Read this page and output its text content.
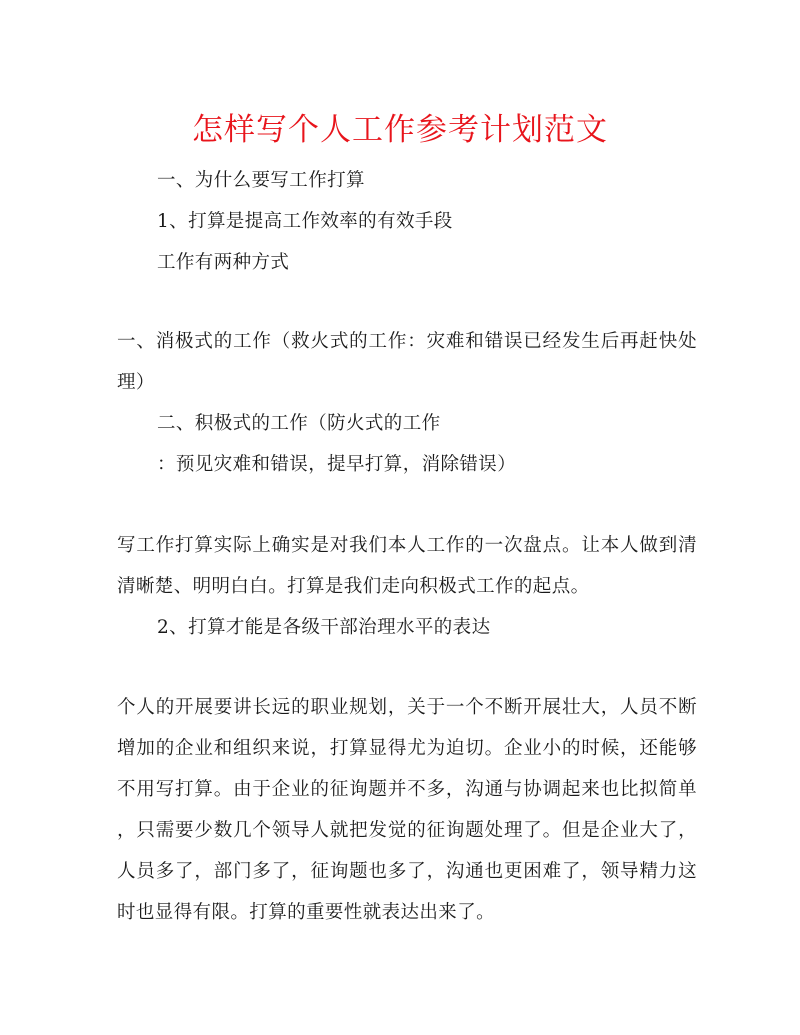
怎样写个人工作参考计划范文
一、为什么要写工作打算
1、打算是提高工作效率的有效手段
工作有两种方式
一、消极式的工作（救火式的工作：灾难和错误已经发生后再赶快处
理）
二、积极式的工作（防火式的工作
：预见灾难和错误，提早打算，消除错误）
写工作打算实际上确实是对我们本人工作的一次盘点。让本人做到清
清晰楚、明明白白。打算是我们走向积极式工作的起点。
2、打算才能是各级干部治理水平的表达
个人的开展要讲长远的职业规划，关于一个不断开展壮大，人员不断
增加的企业和组织来说，打算显得尤为迫切。企业小的时候，还能够
不用写打算。由于企业的征询题并不多，沟通与协调起来也比拟简单
，只需要少数几个领导人就把发觉的征询题处理了。但是企业大了，
人员多了，部门多了，征询题也多了，沟通也更困难了，领导精力这
时也显得有限。打算的重要性就表达出来了。
